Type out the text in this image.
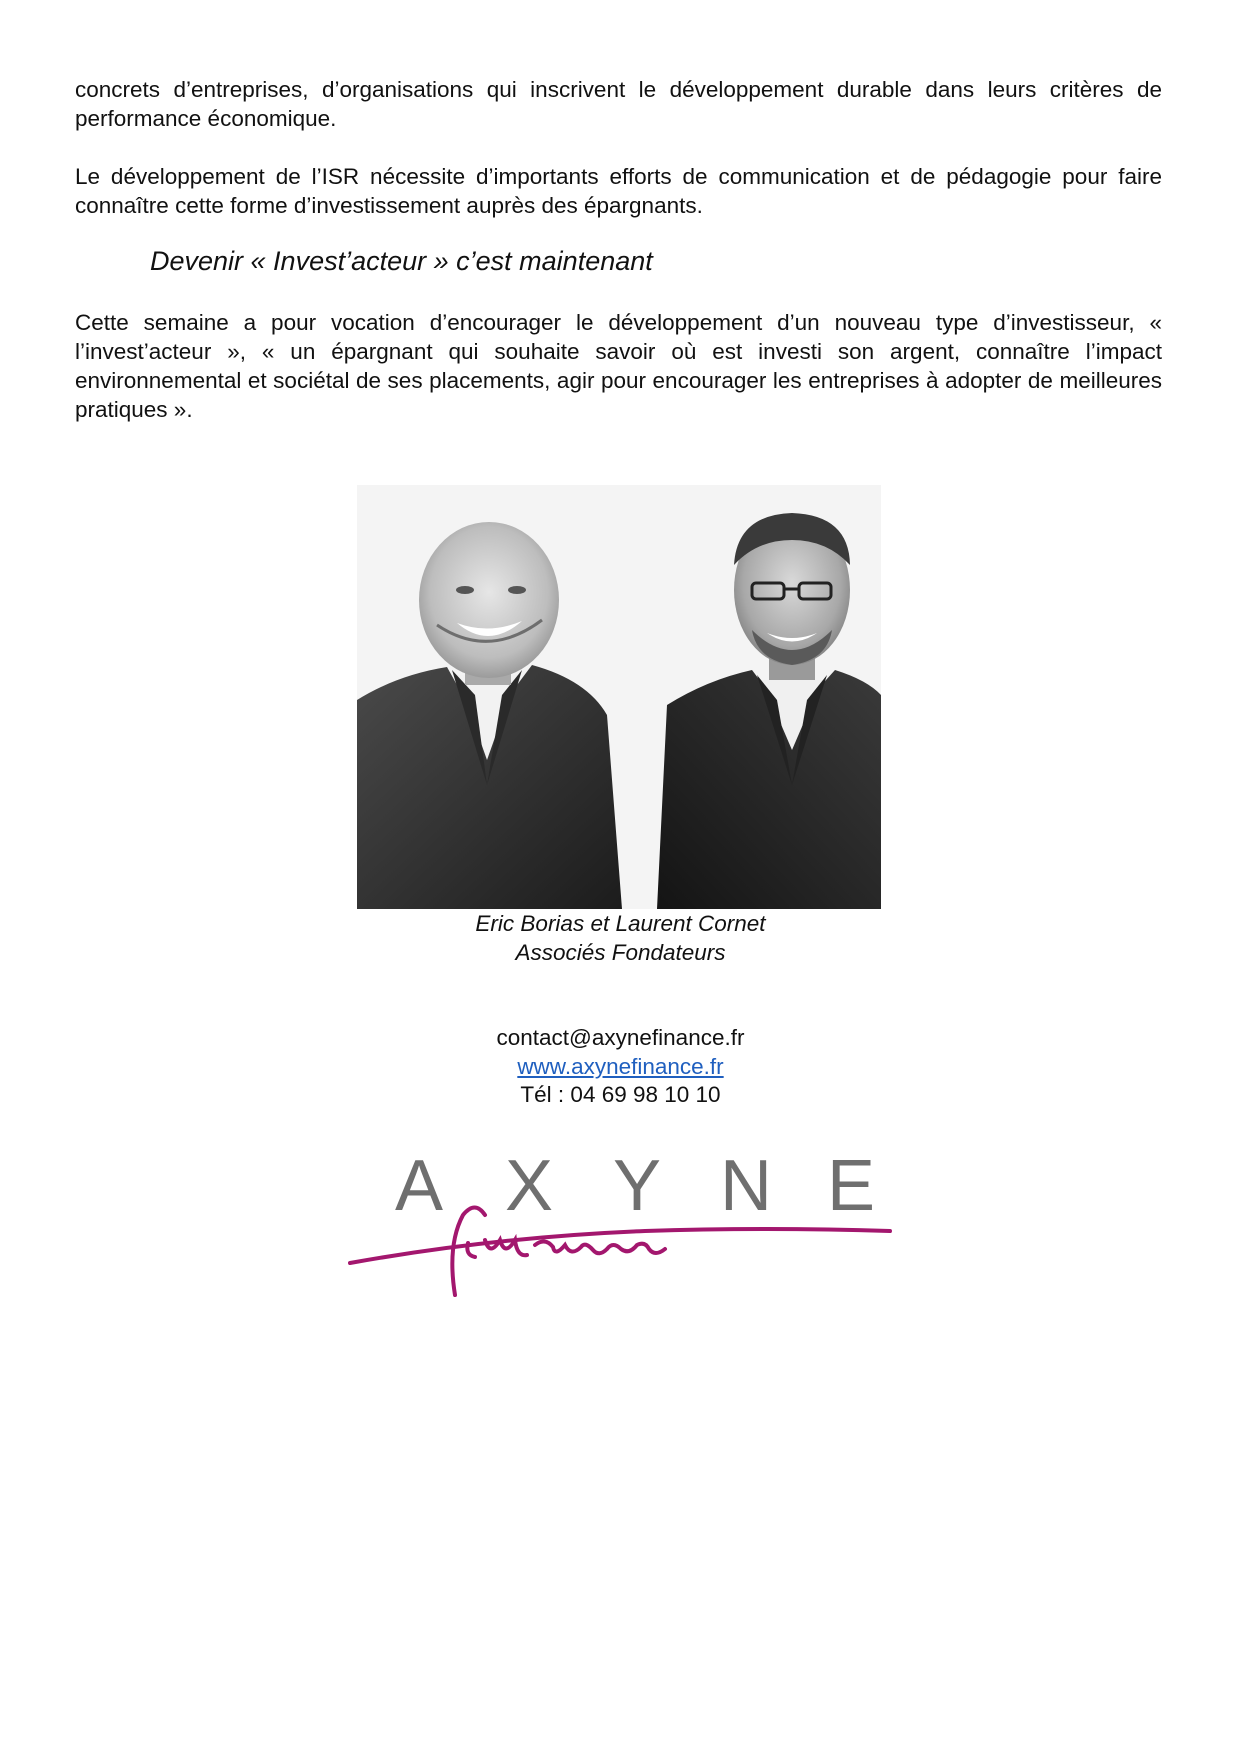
concrets d’entreprises, d’organisations qui inscrivent le développement durable dans leurs critères de performance économique.

Le développement de l’ISR nécessite d’importants efforts de communication et de pédagogie pour faire connaître cette forme d’investissement auprès des épargnants.

Devenir « Invest’acteur » c’est maintenant

Cette semaine a pour vocation d’encourager le développement d’un nouveau type d’investisseur, « l’invest’acteur », « un épargnant qui souhaite savoir où est investi son argent, connaître l’impact environnemental et sociétal de ses placements, agir pour encourager les entreprises à adopter de meilleures pratiques ».

Eric Borias et Laurent Cornet

Associés Fondateurs

contact@axynefinance.fr

www.axynefinance.fr

Tél : 04 69 98 10 10

A X Y N E
